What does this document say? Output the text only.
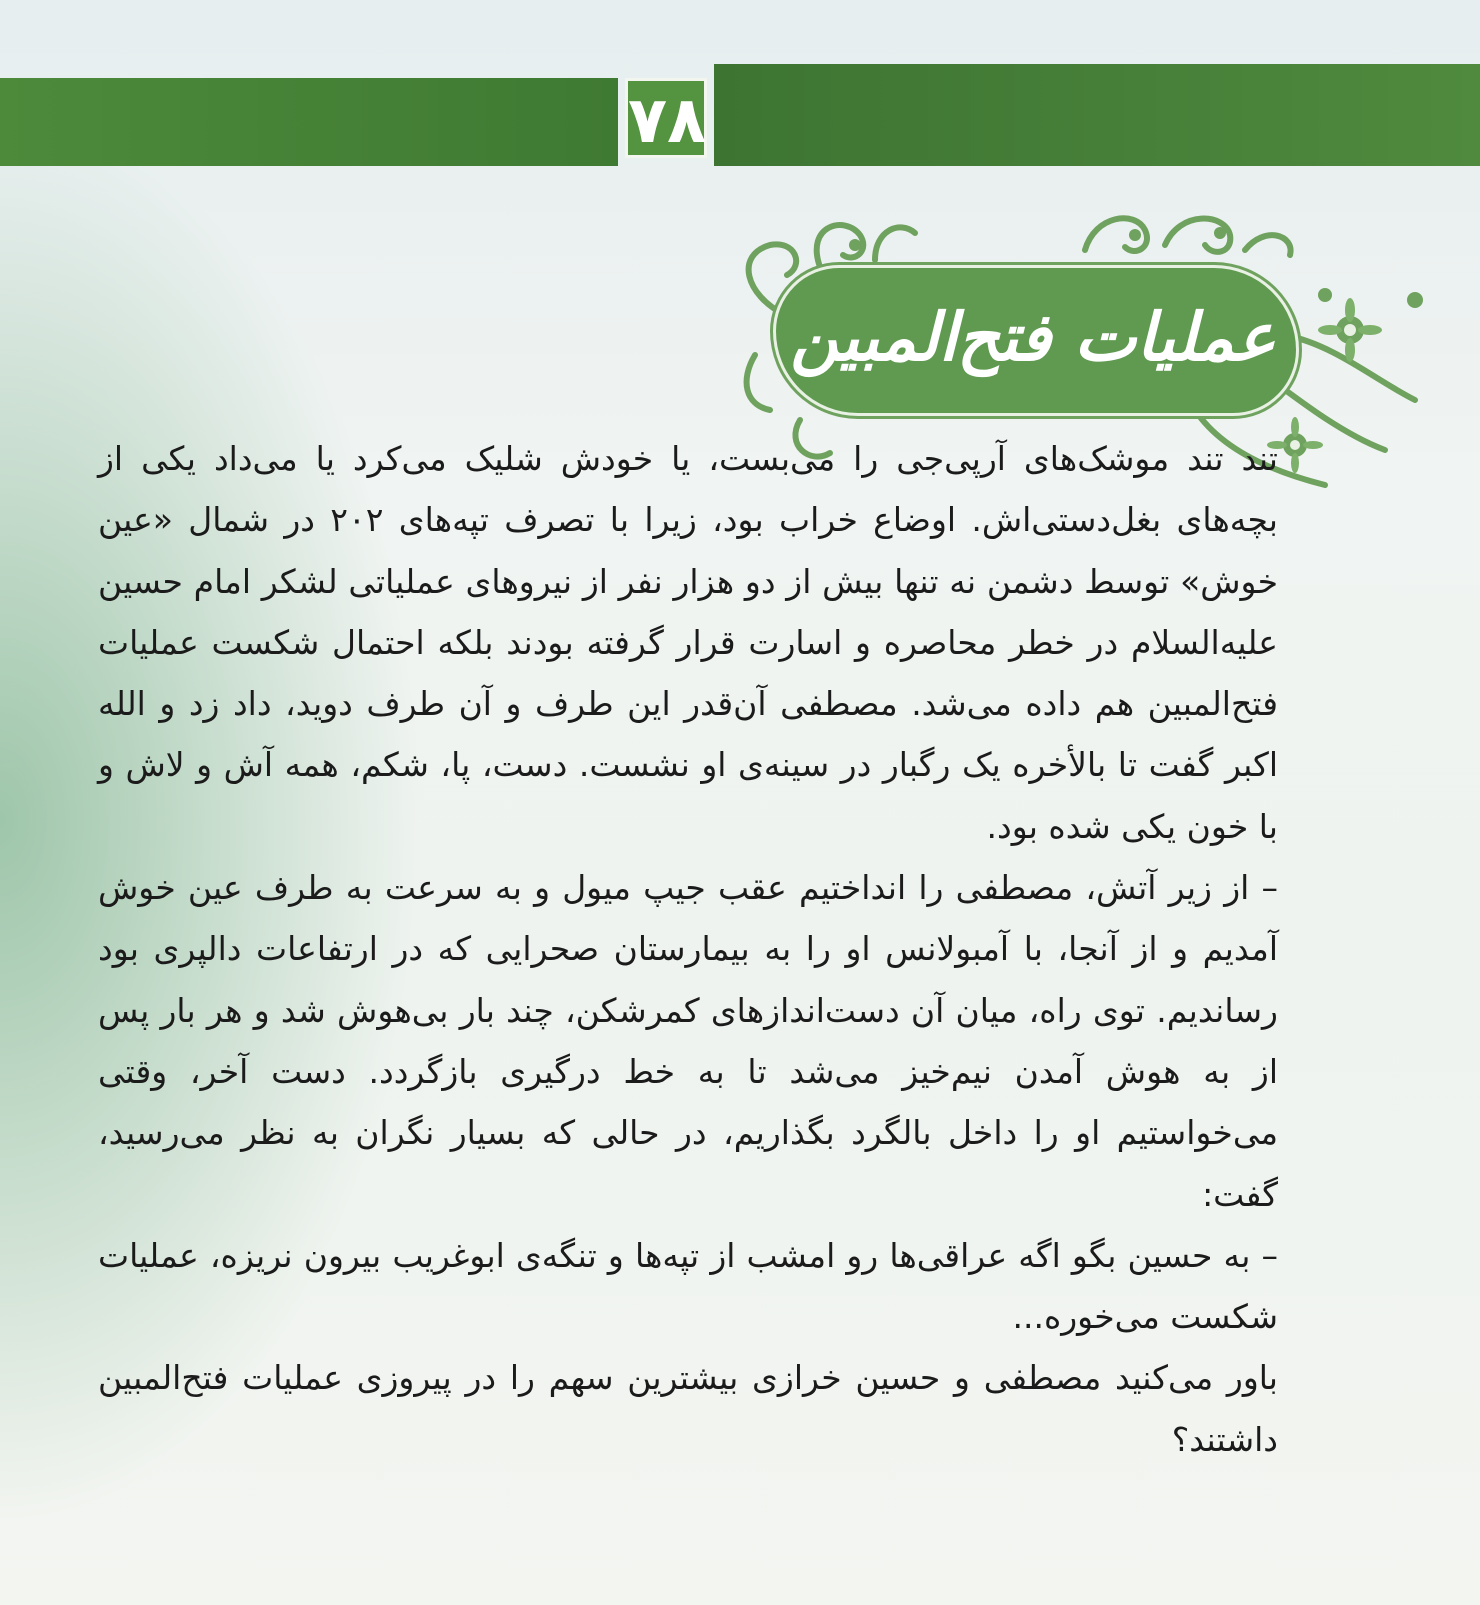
۷۸
عملیات فتح‌المبین

تند تند موشک‌های آرپی‌جی را می‌بست، یا خودش شلیک می‌کرد یا می‌داد یکی از بچه‌های بغل‌دستی‌اش. اوضاع خراب بود، زیرا با تصرف تپه‌های ۲۰۲ در شمال «عین خوش» توسط دشمن نه تنها بیش از دو هزار نفر از نیروهای عملیاتی لشکر امام حسین علیه‌السلام در خطر محاصره و اسارت قرار گرفته بودند بلکه احتمال شکست عملیات فتح‌المبین هم داده می‌شد. مصطفی آن‌قدر این طرف و آن طرف دوید، داد زد و الله اکبر گفت تا بالأخره یک رگبار در سینه‌ی او نشست. دست، پا، شکم، همه آش و لاش و با خون یکی شده بود.

– از زیر آتش، مصطفی را انداختیم عقب جیپ میول و به سرعت به طرف عین خوش آمدیم و از آنجا، با آمبولانس او را به بیمارستان صحرایی که در ارتفاعات دالپری بود رساندیم. توی راه، میان آن دست‌اندازهای کمرشکن، چند بار بی‌هوش شد و هر بار پس از به هوش آمدن نیم‌خیز می‌شد تا به خط درگیری بازگردد. دست آخر، وقتی می‌خواستیم او را داخل بالگرد بگذاریم، در حالی که بسیار نگران به نظر می‌رسید، گفت:

– به حسین بگو اگه عراقی‌ها رو امشب از تپه‌ها و تنگه‌ی ابوغریب بیرون نریزه، عملیات شکست می‌خوره...

باور می‌کنید مصطفی و حسین خرازی بیشترین سهم را در پیروزی عملیات فتح‌المبین داشتند؟
